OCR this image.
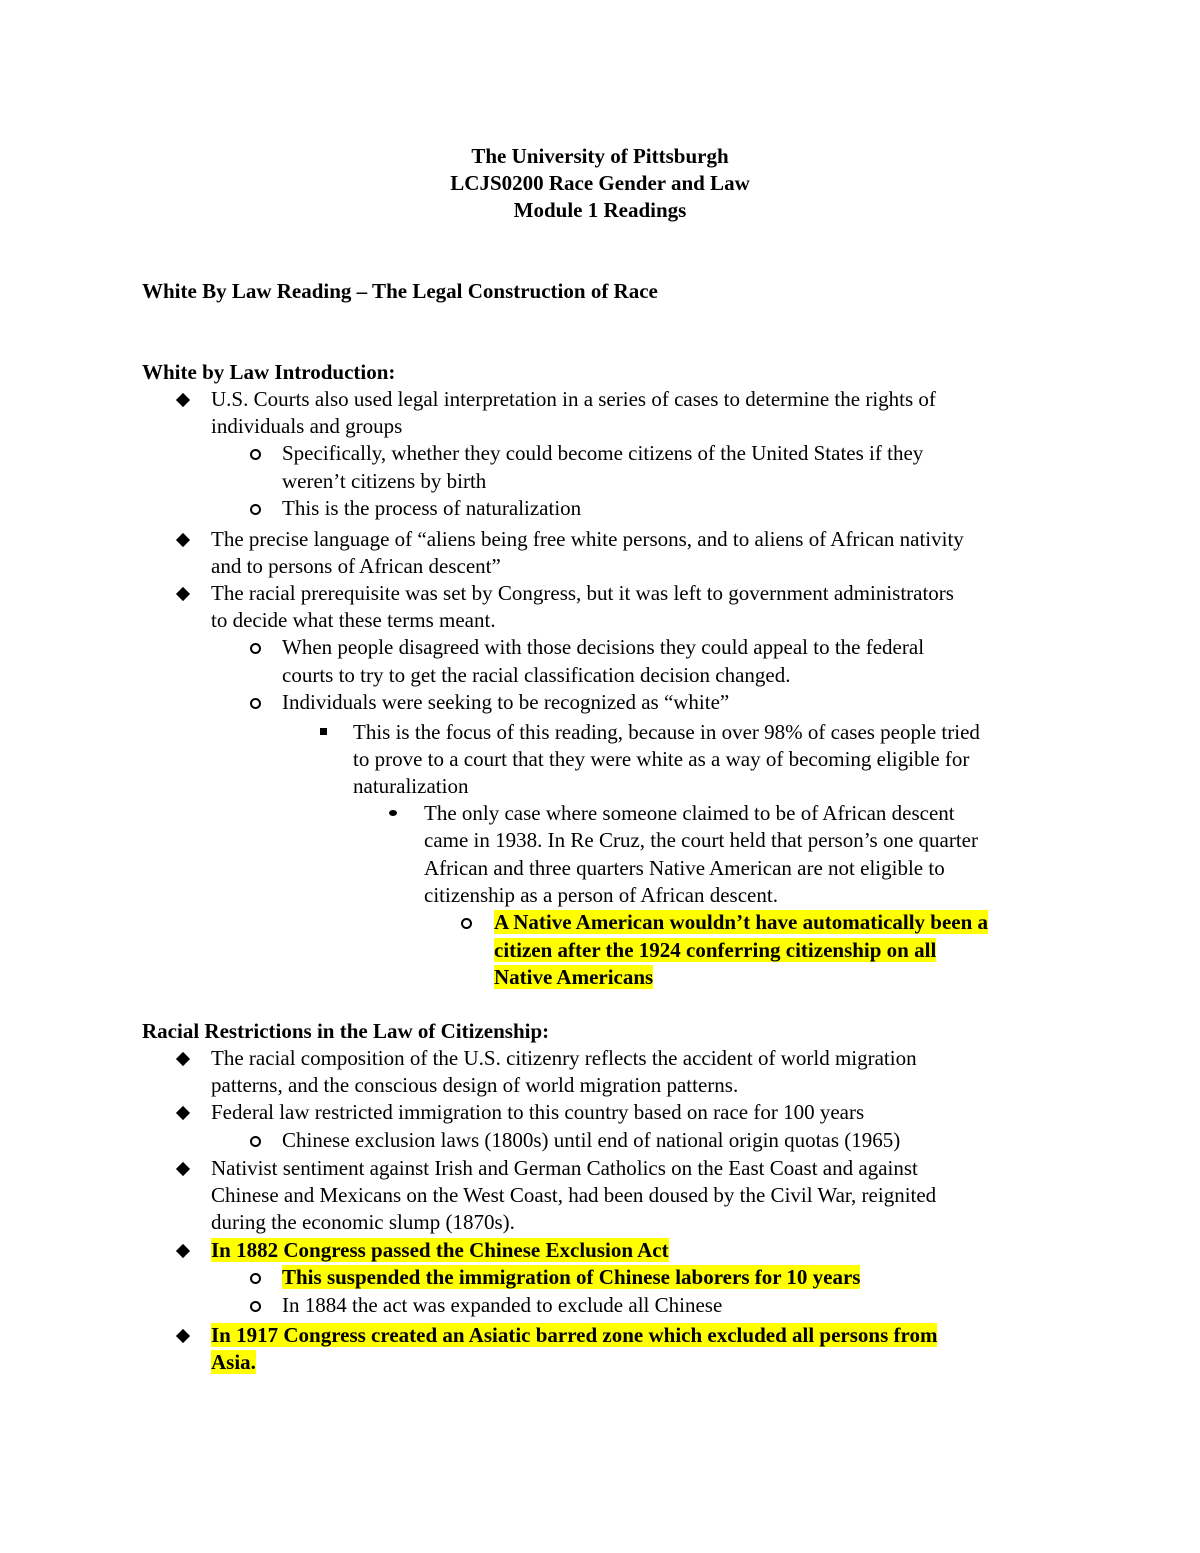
The University of Pittsburgh
LCJS0200 Race Gender and Law
Module 1 Readings
White By Law Reading – The Legal Construction of Race
White by Law Introduction:
U.S. Courts also used legal interpretation in a series of cases to determine the rights of
individuals and groups
Specifically, whether they could become citizens of the United States if they
weren’t citizens by birth
This is the process of naturalization
The precise language of “aliens being free white persons, and to aliens of African nativity
and to persons of African descent”
The racial prerequisite was set by Congress, but it was left to government administrators
to decide what these terms meant.
When people disagreed with those decisions they could appeal to the federal
courts to try to get the racial classification decision changed.
Individuals were seeking to be recognized as “white”
This is the focus of this reading, because in over 98% of cases people tried
to prove to a court that they were white as a way of becoming eligible for
naturalization
The only case where someone claimed to be of African descent
came in 1938. In Re Cruz, the court held that person’s one quarter
African and three quarters Native American are not eligible to
citizenship as a person of African descent.
A Native American wouldn’t have automatically been a
citizen after the 1924 conferring citizenship on all
Native Americans
Racial Restrictions in the Law of Citizenship:
The racial composition of the U.S. citizenry reflects the accident of world migration
patterns, and the conscious design of world migration patterns.
Federal law restricted immigration to this country based on race for 100 years
Chinese exclusion laws (1800s) until end of national origin quotas (1965)
Nativist sentiment against Irish and German Catholics on the East Coast and against
Chinese and Mexicans on the West Coast, had been doused by the Civil War, reignited
during the economic slump (1870s).
In 1882 Congress passed the Chinese Exclusion Act
This suspended the immigration of Chinese laborers for 10 years
In 1884 the act was expanded to exclude all Chinese
In 1917 Congress created an Asiatic barred zone which excluded all persons from
Asia.
